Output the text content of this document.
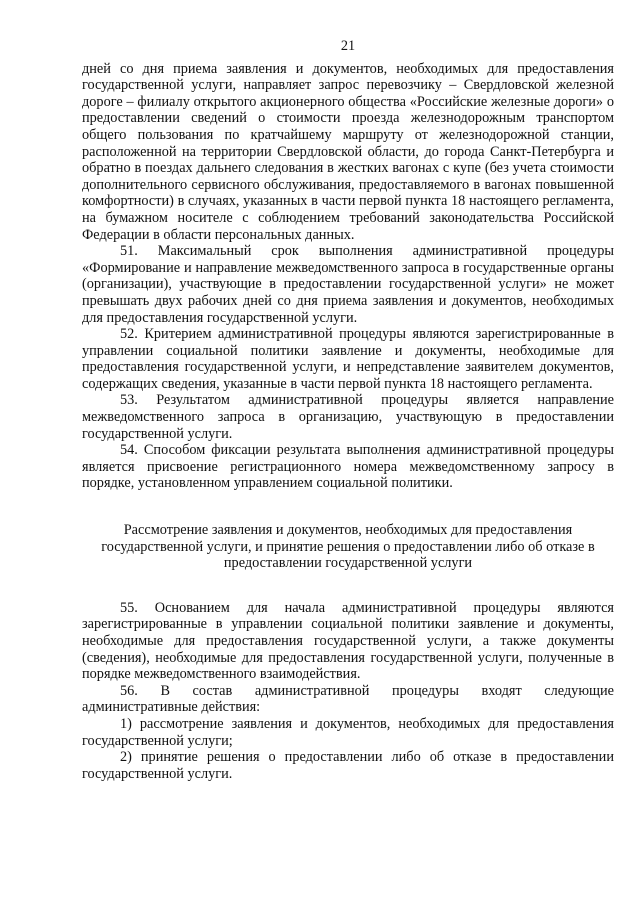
21

дней со дня приема заявления и документов, необходимых для предоставления государственной услуги, направляет запрос перевозчику – Свердловской железной дороге – филиалу открытого акционерного общества «Российские железные дороги» о предоставлении сведений о стоимости проезда железнодорожным транспортом общего пользования по кратчайшему маршруту от железнодорожной станции, расположенной на территории Свердловской области, до города Санкт-Петербурга и обратно в поездах дальнего следования в жестких вагонах с купе (без учета стоимости дополнительного сервисного обслуживания, предоставляемого в вагонах повышенной комфортности) в случаях, указанных в части первой пункта 18 настоящего регламента, на бумажном носителе с соблюдением требований законодательства Российской Федерации в области персональных данных.

51. Максимальный срок выполнения административной процедуры «Формирование и направление межведомственного запроса в государственные органы (организации), участвующие в предоставлении государственной услуги» не может превышать двух рабочих дней со дня приема заявления и документов, необходимых для предоставления государственной услуги.

52. Критерием административной процедуры являются зарегистрированные в управлении социальной политики заявление и документы, необходимые для предоставления государственной услуги, и непредставление заявителем документов, содержащих сведения, указанные в части первой пункта 18 настоящего регламента.

53. Результатом административной процедуры является направление межведомственного запроса в организацию, участвующую в предоставлении государственной услуги.

54. Способом фиксации результата выполнения административной процедуры является присвоение регистрационного номера межведомственному запросу в порядке, установленном управлением социальной политики.

Рассмотрение заявления и документов, необходимых для предоставления государственной услуги, и принятие решения о предоставлении либо об отказе в предоставлении государственной услуги

55. Основанием для начала административной процедуры являются зарегистрированные в управлении социальной политики заявление и документы, необходимые для предоставления государственной услуги, а также документы (сведения), необходимые для предоставления государственной услуги, полученные в порядке межведомственного взаимодействия.

56. В состав административной процедуры входят следующие административные действия:

1) рассмотрение заявления и документов, необходимых для предоставления государственной услуги;

2) принятие решения о предоставлении либо об отказе в предоставлении государственной услуги.
